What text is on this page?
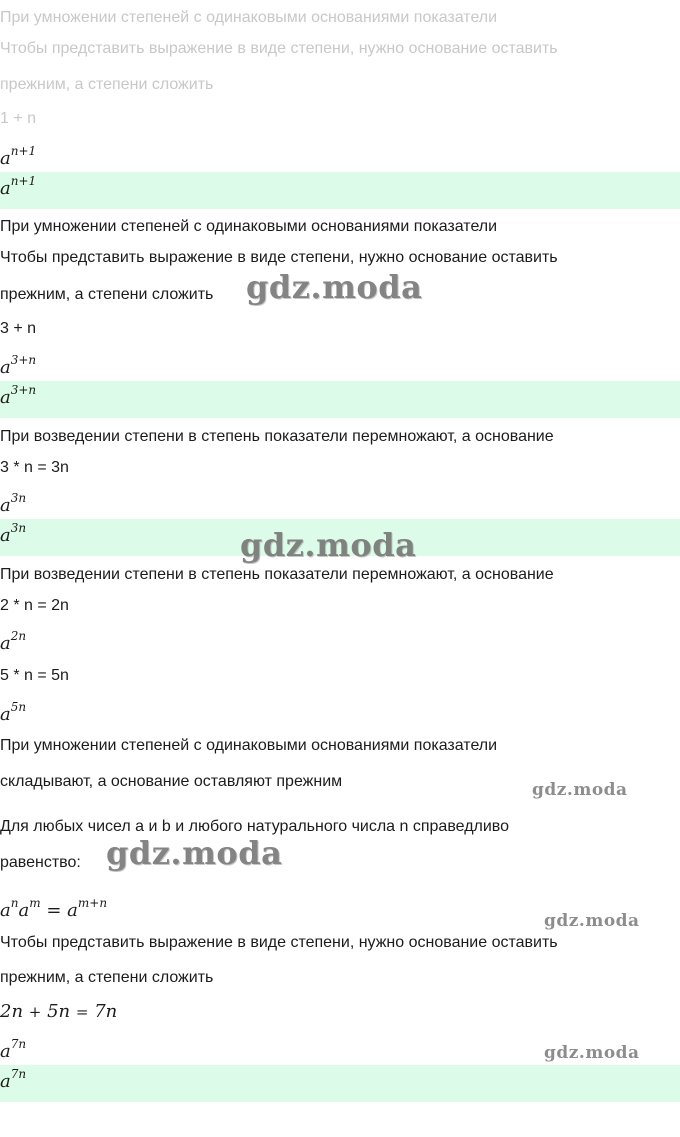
При умножении степеней с одинаковыми основаниями показатели
Чтобы представить выражение в виде степени, нужно основание оставить
прежним, а степени сложить
1 + n
$a^{n+1}$
$a^{n+1}$
При умножении степеней с одинаковыми основаниями показатели
Чтобы представить выражение в виде степени, нужно основание оставить
прежним, а степени сложить
3 + n
$a^{3+n}$
$a^{3+n}$
При возведении степени в степень показатели перемножают, а основание
3 * n = 3n
$a^{3n}$
$a^{3n}$
При возведении степени в степень показатели перемножают, а основание
2 * n = 2n
$a^{2n}$
5 * n = 5n
$a^{5n}$
При умножении степеней с одинаковыми основаниями показатели
складывают, а основание оставляют прежним
Для любых чисел a и b и любого натурального числа n справедливо
равенство:
$a^na^m = a^{m+n}$
Чтобы представить выражение в виде степени, нужно основание оставить
прежним, а степени сложить
2n + 5n = 7n
$a^{7n}$
$a^{7n}$
gdz.moda
gdz.moda
gdz.moda
gdz.moda
gdz.moda
gdz.moda
